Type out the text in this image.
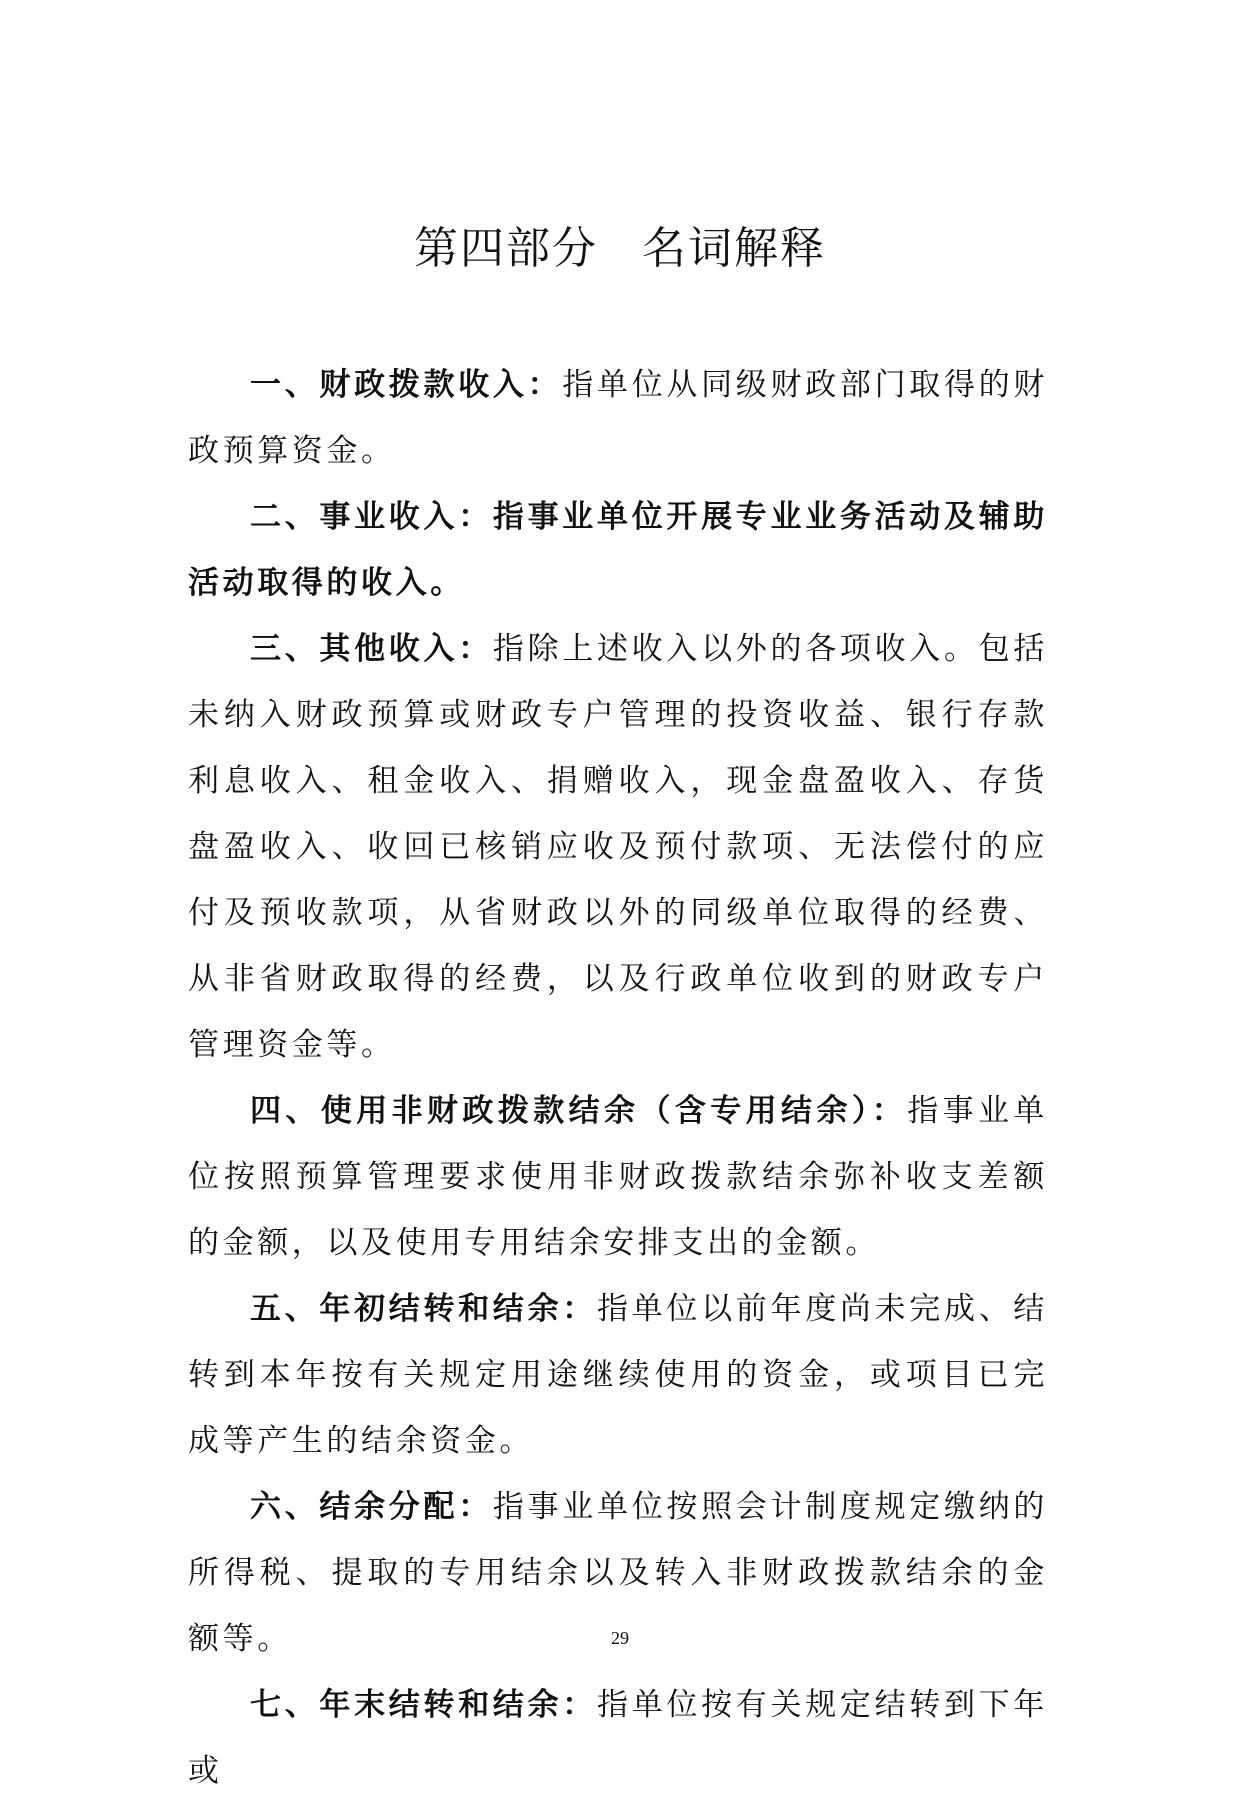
第四部分 名词解释

一、财政拨款收入：指单位从同级财政部门取得的财政预算资金。

二、事业收入：指事业单位开展专业业务活动及辅助活动取得的收入。

三、其他收入：指除上述收入以外的各项收入。包括未纳入财政预算或财政专户管理的投资收益、银行存款利息收入、租金收入、捐赠收入，现金盘盈收入、存货盘盈收入、收回已核销应收及预付款项、无法偿付的应付及预收款项，从省财政以外的同级单位取得的经费、从非省财政取得的经费，以及行政单位收到的财政专户管理资金等。

四、使用非财政拨款结余（含专用结余）：指事业单位按照预算管理要求使用非财政拨款结余弥补收支差额的金额，以及使用专用结余安排支出的金额。

五、年初结转和结余：指单位以前年度尚未完成、结转到本年按有关规定用途继续使用的资金，或项目已完成等产生的结余资金。

六、结余分配：指事业单位按照会计制度规定缴纳的所得税、提取的专用结余以及转入非财政拨款结余的金额等。

七、年末结转和结余：指单位按有关规定结转到下年或

29
